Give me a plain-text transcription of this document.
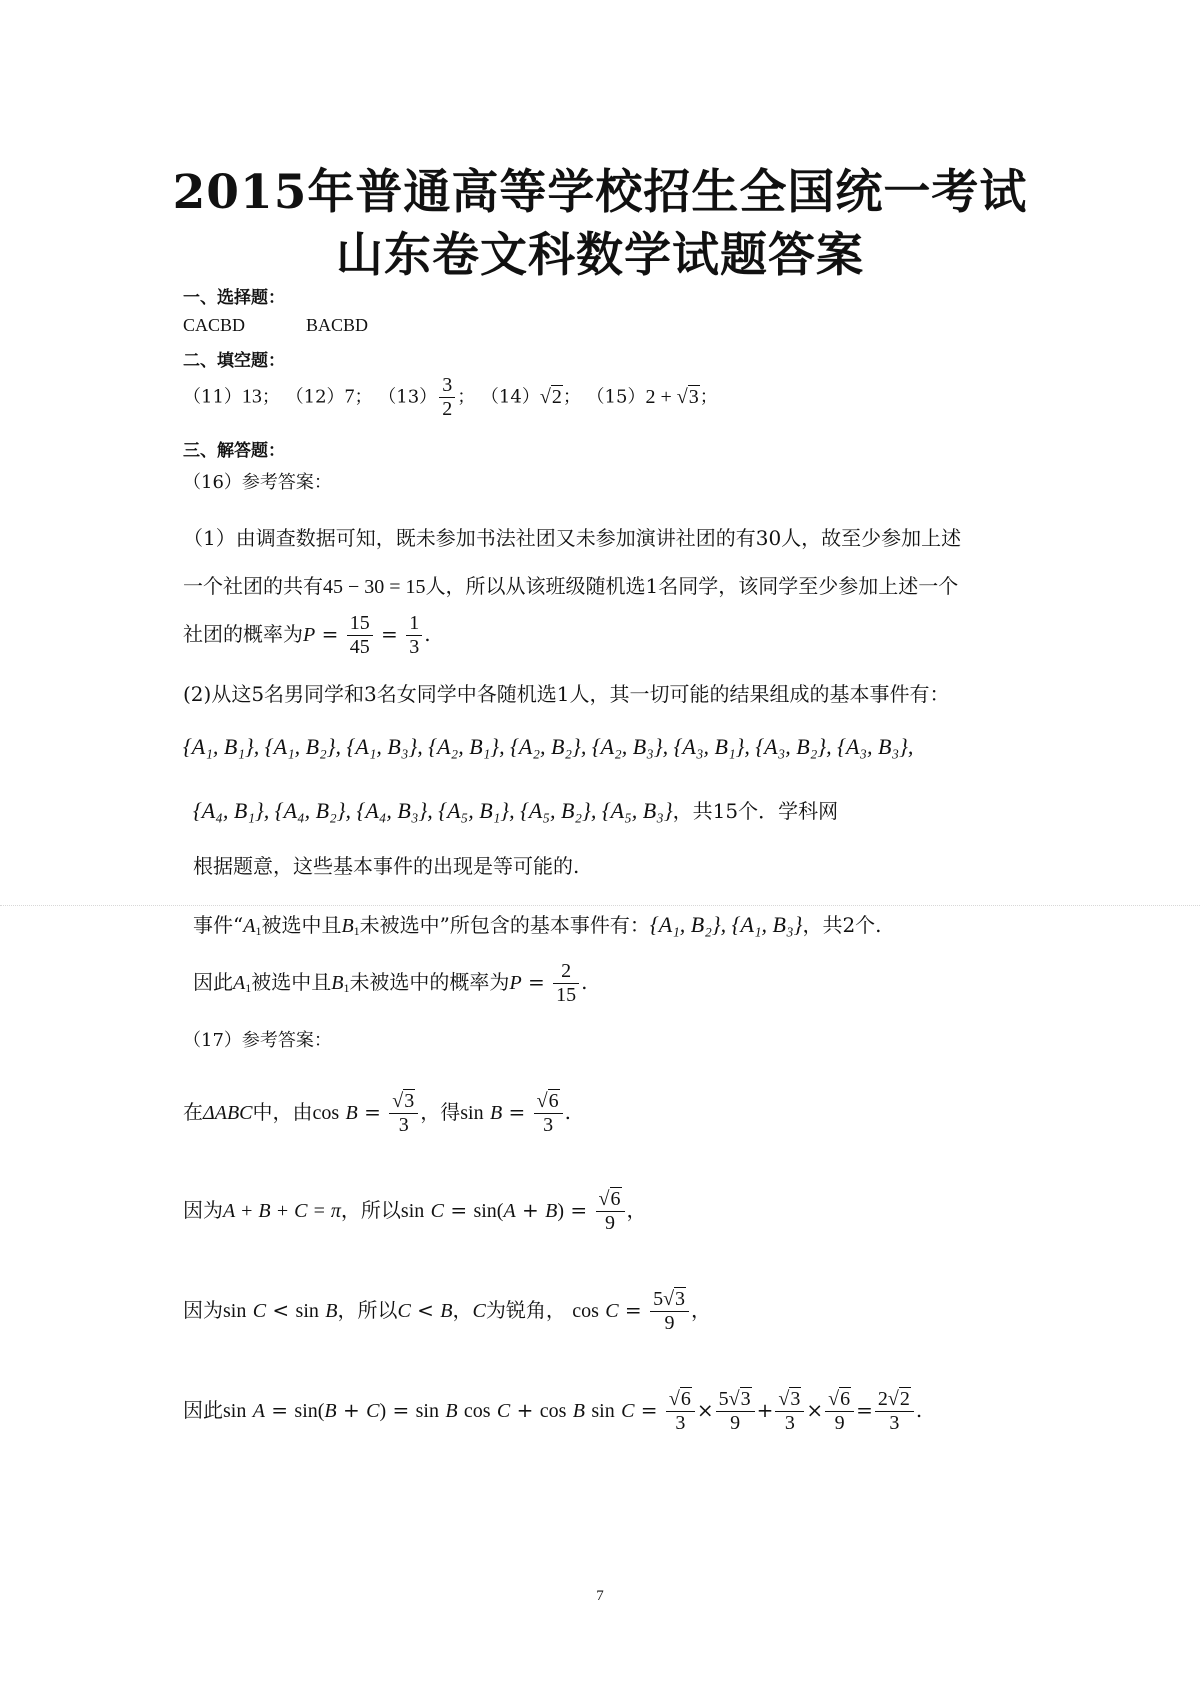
2015年普通高等学校招生全国统一考试
山东卷文科数学试题答案
一、选择题：
CACBD	BACBD
二、填空题：
（11）13； （12）7； $(13) \frac{3}{2}$ ； （14）√2； （15）2 + √3；
三、解答题：
（16）参考答案：
（1）由调查数据可知，既未参加书法社团又未参加演讲社团的有30人，故至少参加上述
一个社团的共有45 − 30 = 15人，所以从该班级随机选1名同学，该同学至少参加上述一个
社团的概率为$P = \frac{15}{45} = \frac{1}{3}$ .
(2)从这5名男同学和3名女同学中各随机选1人，其一切可能的结果组成的基本事件有：
{A₁, B₁}, {A₁, B₂}, {A₁, B₃}, {A₂, B₁}, {A₂, B₂}, {A₂, B₃}, {A₃, B₁}, {A₃, B₂}, {A₃, B₃},
{A₄, B₁}, {A₄, B₂}, {A₄, B₃}, {A₅, B₁}, {A₅, B₂}, {A₅, B₃}，共15个．学科网
根据题意，这些基本事件的出现是等可能的.
事件“$A_1$被选中且$B_1$未被选中”所包含的基本事件有：{A₁, B₂}, {A₁, B₃}，共2个.
因此$A_1$被选中且$B_1$未被选中的概率为$P = \frac{2}{15}$ .
（17）参考答案：
在ΔABC中，由$\cos B = \frac{√3}{3}$ ，得$\sin B = \frac{√6}{3}$ .
因为A + B + C = π，所以$\sin C = \sin(A + B) = \frac{√6}{9}$ ，
因为sin C < sin B，所以C < B，C为锐角， $\cos C = \frac{5√3}{9}$ ，
因此sin A = sin(B + C) = sin B cos C + cos B $\sin C = \frac{√6}{3} \times \frac{5√3}{9} + \frac{√3}{3} \times \frac{√6}{9} = \frac{2√2}{3}$ .
7
